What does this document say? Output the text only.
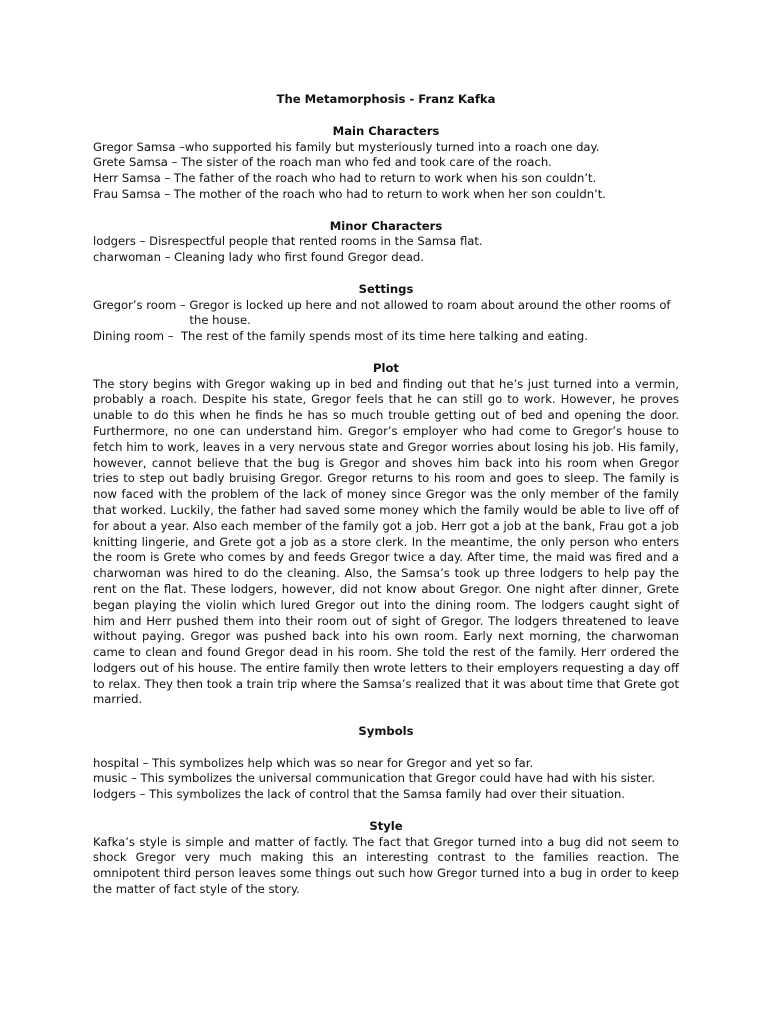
The Metamorphosis - Franz Kafka

Main Characters

Gregor Samsa –who supported his family but mysteriously turned into a roach one day.

Grete Samsa – The sister of the roach man who fed and took care of the roach.

Herr Samsa – The father of the roach who had to return to work when his son couldn’t.

Frau Samsa – The mother of the roach who had to return to work when her son couldn’t.

Minor Characters

lodgers – Disrespectful people that rented rooms in the Samsa flat.

charwoman – Cleaning lady who first found Gregor dead.

Settings

Gregor’s room – Gregor is locked up here and not allowed to roam about around the other rooms of the house.
Dining room – The rest of the family spends most of its time here talking and eating.

Plot

The story begins with Gregor waking up in bed and finding out that he’s just turned into a vermin, probably a roach. Despite his state, Gregor feels that he can still go to work. However, he proves unable to do this when he finds he has so much trouble getting out of bed and opening the door. Furthermore, no one can understand him. Gregor’s employer who had come to Gregor’s house to fetch him to work, leaves in a very nervous state and Gregor worries about losing his job. His family, however, cannot believe that the bug is Gregor and shoves him back into his room when Gregor tries to step out badly bruising Gregor. Gregor returns to his room and goes to sleep. The family is now faced with the problem of the lack of money since Gregor was the only member of the family that worked. Luckily, the father had saved some money which the family would be able to live off of for about a year. Also each member of the family got a job. Herr got a job at the bank, Frau got a job knitting lingerie, and Grete got a job as a store clerk. In the meantime, the only person who enters the room is Grete who comes by and feeds Gregor twice a day. After time, the maid was fired and a charwoman was hired to do the cleaning. Also, the Samsa’s took up three lodgers to help pay the rent on the flat. These lodgers, however, did not know about Gregor. One night after dinner, Grete began playing the violin which lured Gregor out into the dining room. The lodgers caught sight of him and Herr pushed them into their room out of sight of Gregor. The lodgers threatened to leave without paying. Gregor was pushed back into his own room. Early next morning, the charwoman came to clean and found Gregor dead in his room. She told the rest of the family. Herr ordered the lodgers out of his house. The entire family then wrote letters to their employers requesting a day off to relax. They then took a train trip where the Samsa’s realized that it was about time that Grete got married.

Symbols

hospital – This symbolizes help which was so near for Gregor and yet so far.

music – This symbolizes the universal communication that Gregor could have had with his sister.

lodgers – This symbolizes the lack of control that the Samsa family had over their situation.

Style

Kafka’s style is simple and matter of factly. The fact that Gregor turned into a bug did not seem to shock Gregor very much making this an interesting contrast to the families reaction. The omnipotent third person leaves some things out such how Gregor turned into a bug in order to keep the matter of fact style of the story.
